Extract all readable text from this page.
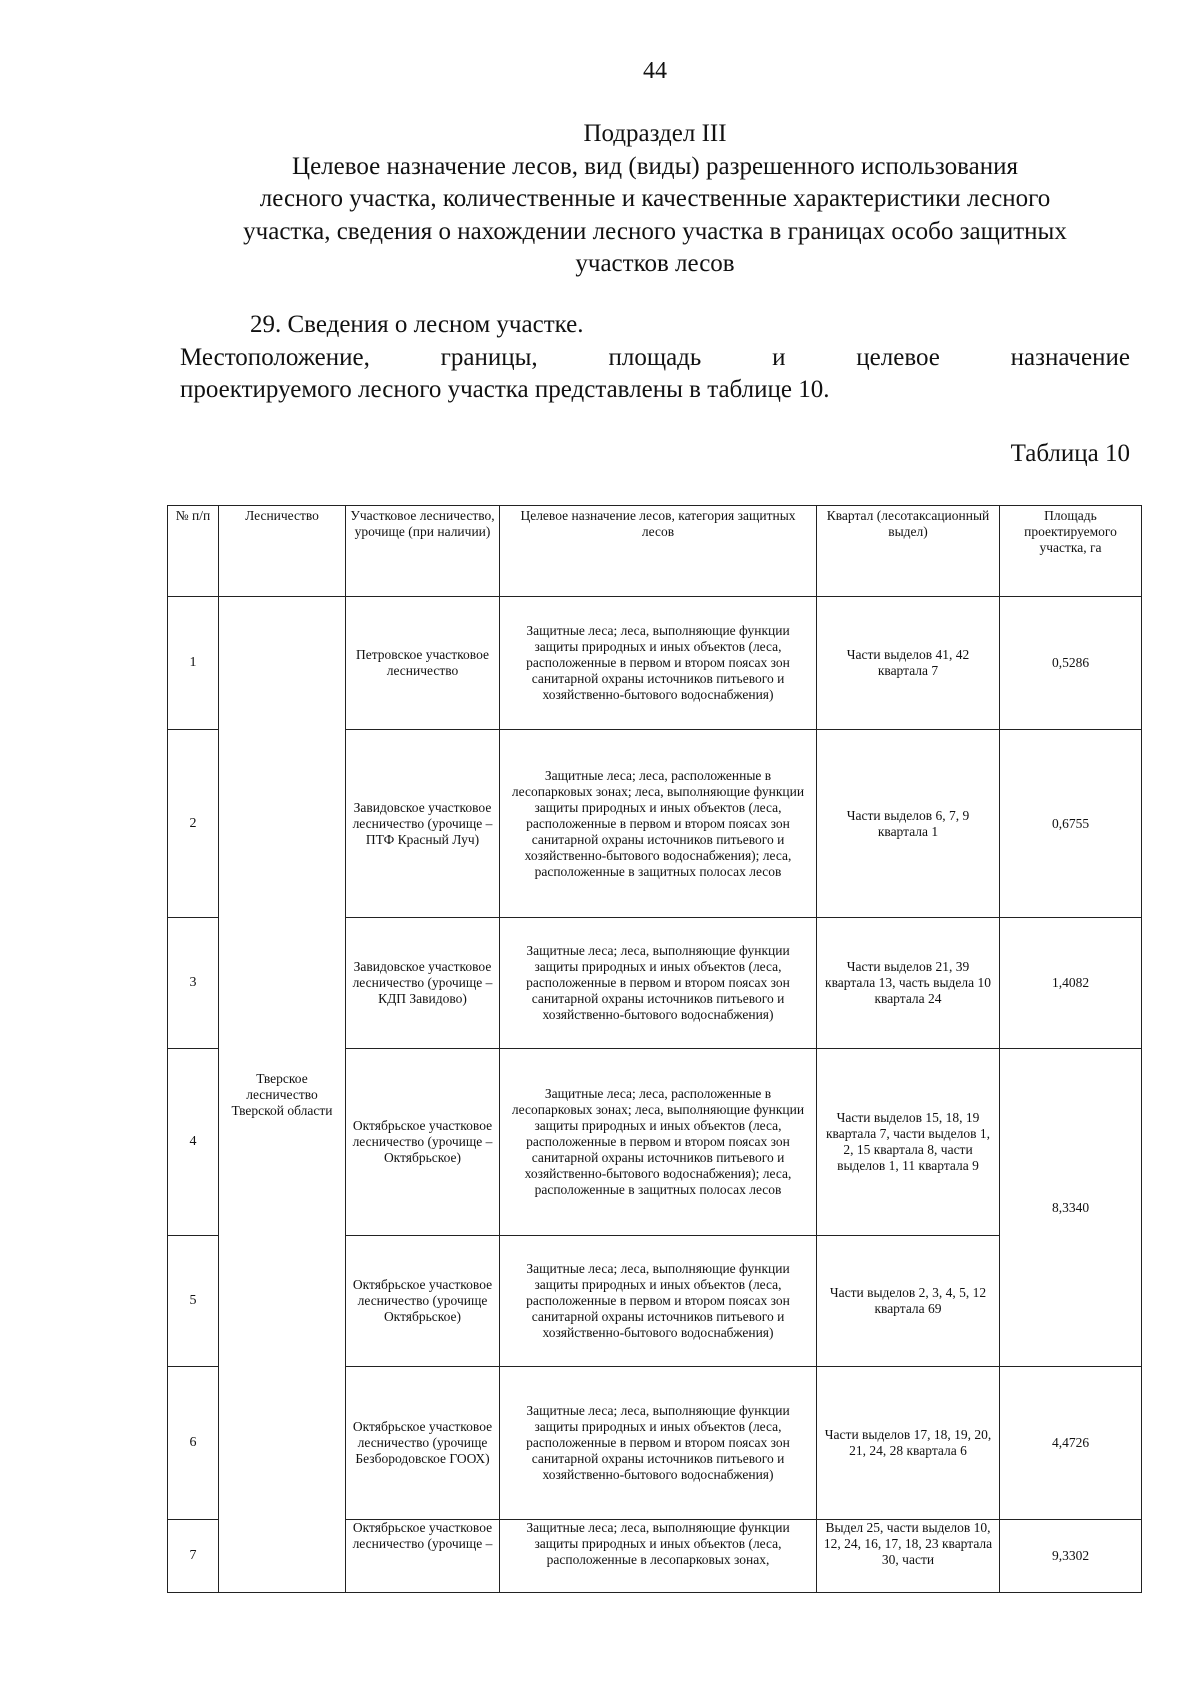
44
Подраздел III
Целевое назначение лесов, вид (виды) разрешенного использования
лесного участка, количественные и качественные характеристики лесного
участка, сведения о нахождении лесного участка в границах особо защитных
участков лесов
29. Сведения о лесном участке.
Местоположение, границы, площадь и целевое назначение
проектируемого лесного участка представлены в таблице 10.
Таблица 10
№ п/п	Лесничество	Участковое лесничество, урочище (при наличии)	Целевое назначение лесов, категория защитных лесов	Квартал (лесотаксационный выдел)	Площадь проектируемого участка, га
1	Тверское лесничество Тверской области	Петровское участковое лесничество	Защитные леса; леса, выполняющие функции защиты природных и иных объектов (леса, расположенные в первом и втором поясах зон санитарной охраны источников питьевого и хозяйственно-бытового водоснабжения)	Части выделов 41, 42 квартала 7	0,5286
2		Завидовское участковое лесничество (урочище – ПТФ Красный Луч)	Защитные леса; леса, расположенные в лесопарковых зонах; леса, выполняющие функции защиты природных и иных объектов (леса, расположенные в первом и втором поясах зон санитарной охраны источников питьевого и хозяйственно-бытового водоснабжения); леса, расположенные в защитных полосах лесов	Части выделов 6, 7, 9 квартала 1	0,6755
3		Завидовское участковое лесничество (урочище – КДП Завидово)	Защитные леса; леса, выполняющие функции защиты природных и иных объектов (леса, расположенные в первом и втором поясах зон санитарной охраны источников питьевого и хозяйственно-бытового водоснабжения)	Части выделов 21, 39 квартала 13, часть выдела 10 квартала 24	1,4082
4		Октябрьское участковое лесничество (урочище – Октябрьское)	Защитные леса; леса, расположенные в лесопарковых зонах; леса, выполняющие функции защиты природных и иных объектов (леса, расположенные в первом и втором поясах зон санитарной охраны источников питьевого и хозяйственно-бытового водоснабжения); леса, расположенные в защитных полосах лесов	Части выделов 15, 18, 19 квартала 7, части выделов 1, 2, 15 квартала 8, части выделов 1, 11 квартала 9	8,3340
5		Октябрьское участковое лесничество (урочище Октябрьское)	Защитные леса; леса, выполняющие функции защиты природных и иных объектов (леса, расположенные в первом и втором поясах зон санитарной охраны источников питьевого и хозяйственно-бытового водоснабжения)	Части выделов 2, 3, 4, 5, 12 квартала 69	
6		Октябрьское участковое лесничество (урочище Безбородовское ГООХ)	Защитные леса; леса, выполняющие функции защиты природных и иных объектов (леса, расположенные в первом и втором поясах зон санитарной охраны источников питьевого и хозяйственно-бытового водоснабжения)	Части выделов 17, 18, 19, 20, 21, 24, 28 квартала 6	4,4726
7		Октябрьское участковое лесничество (урочище –	Защитные леса; леса, выполняющие функции защиты природных и иных объектов (леса, расположенные в лесопарковых зонах,	Выдел 25, части выделов 10, 12, 24, 16, 17, 18, 23 квартала 30, части	9,3302
